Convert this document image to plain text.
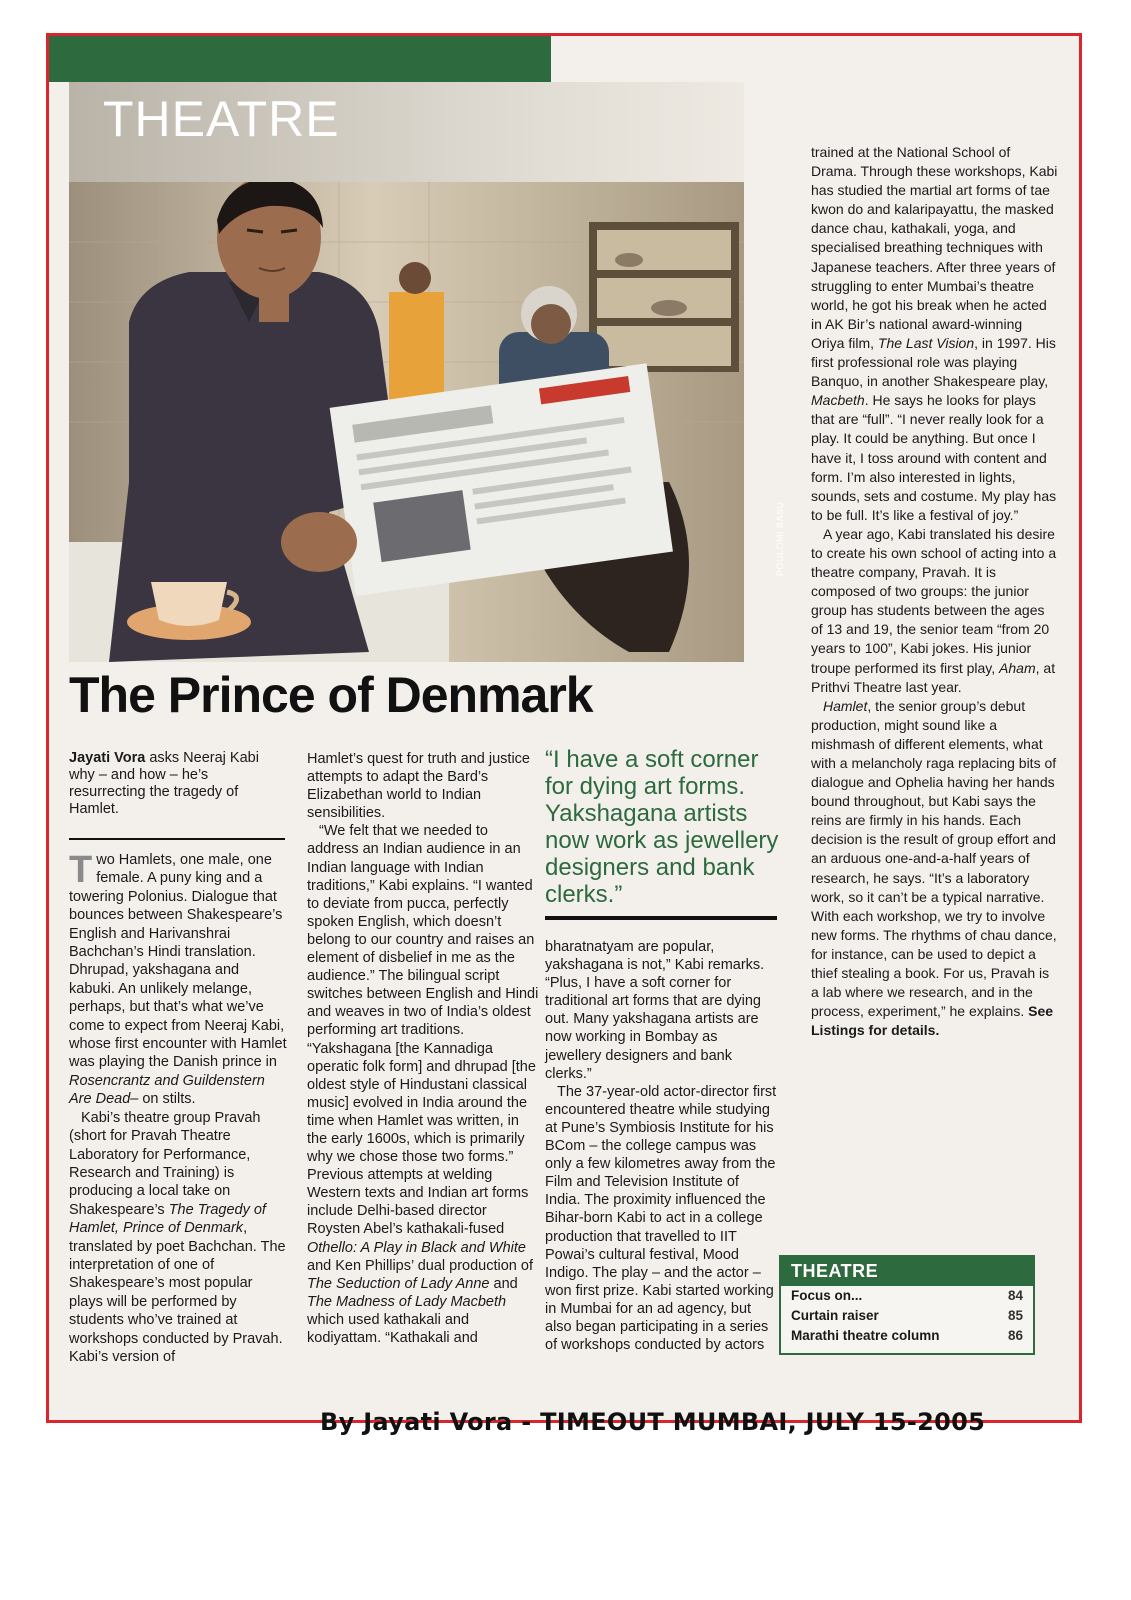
THEATRE
POULOMI BASU

trained at the National School of Drama. Through these workshops, Kabi has studied the martial art forms of tae kwon do and kalaripayattu, the masked dance chau, kathakali, yoga, and specialised breathing techniques with Japanese teachers. After three years of struggling to enter Mumbai’s theatre world, he got his break when he acted in AK Bir’s national award-winning Oriya film, The Last Vision, in 1997. His first professional role was playing Banquo, in another Shakespeare play, Macbeth. He says he looks for plays that are “full”. “I never really look for a play. It could be anything. But once I have it, I toss around with content and form. I’m also interested in lights, sounds, sets and costume. My play has to be full. It’s like a festival of joy.”

A year ago, Kabi translated his desire to create his own school of acting into a theatre company, Pravah. It is composed of two groups: the junior group has students between the ages of 13 and 19, the senior team “from 20 years to 100”, Kabi jokes. His junior troupe performed its first play, Aham, at Prithvi Theatre last year.

Hamlet, the senior group’s debut production, might sound like a mishmash of different elements, what with a melancholy raga replacing bits of dialogue and Ophelia having her hands bound throughout, but Kabi says the reins are firmly in his hands. Each decision is the result of group effort and an arduous one-and-a-half years of research, he says. “It’s a laboratory work, so it can’t be a typical narrative. With each workshop, we try to involve new forms. The rhythms of chau dance, for instance, can be used to depict a thief stealing a book. For us, Pravah is a lab where we research, and in the process, experiment,” he explains. See Listings for details.

The Prince of Denmark
Jayati Vora asks Neeraj Kabi why – and how – he’s resurrecting the tragedy of Hamlet.

Two Hamlets, one male, one female. A puny king and a towering Polonius. Dialogue that bounces between Shakespeare’s English and Harivanshrai Bachchan’s Hindi translation. Dhrupad, yakshagana and kabuki. An unlikely melange, perhaps, but that’s what we’ve come to expect from Neeraj Kabi, whose first encounter with Hamlet was playing the Danish prince in Rosencrantz and Guildenstern Are Dead– on stilts.

Kabi’s theatre group Pravah (short for Pravah Theatre Laboratory for Performance, Research and Training) is producing a local take on Shakespeare’s The Tragedy of Hamlet, Prince of Denmark, translated by poet Bachchan. The interpretation of one of Shakespeare’s most popular plays will be performed by students who’ve trained at workshops conducted by Pravah. Kabi’s version of

Hamlet’s quest for truth and justice attempts to adapt the Bard’s Elizabethan world to Indian sensibilities.

“We felt that we needed to address an Indian audience in an Indian language with Indian traditions,” Kabi explains. “I wanted to deviate from pucca, perfectly spoken English, which doesn’t belong to our country and raises an element of disbelief in me as the audience.” The bilingual script switches between English and Hindi and weaves in two of India’s oldest performing art traditions. “Yakshagana [the Kannadiga operatic folk form] and dhrupad [the oldest style of Hindustani classical music] evolved in India around the time when Hamlet was written, in the early 1600s, which is primarily why we chose those two forms.” Previous attempts at welding Western texts and Indian art forms include Delhi-based director Roysten Abel’s kathakali-fused Othello: A Play in Black and White and Ken Phillips’ dual production of The Seduction of Lady Anne and The Madness of Lady Macbeth which used kathakali and kodiyattam. “Kathakali and

“I have a soft corner for dying art forms. Yakshagana artists now work as jewellery designers and bank clerks.”

bharatnatyam are popular, yakshagana is not,” Kabi remarks. “Plus, I have a soft corner for traditional art forms that are dying out. Many yakshagana artists are now working in Bombay as jewellery designers and bank clerks.”

The 37-year-old actor-director first encountered theatre while studying at Pune’s Symbiosis Institute for his BCom – the college campus was only a few kilometres away from the Film and Television Institute of India. The proximity influenced the Bihar-born Kabi to act in a college production that travelled to IIT Powai’s cultural festival, Mood Indigo. The play – and the actor – won first prize. Kabi started working in Mumbai for an ad agency, but also began participating in a series of workshops conducted by actors

THEATRE
Focus on...	84
Curtain raiser	85
Marathi theatre column	86
By Jayati Vora - TIMEOUT MUMBAI, JULY 15-2005
